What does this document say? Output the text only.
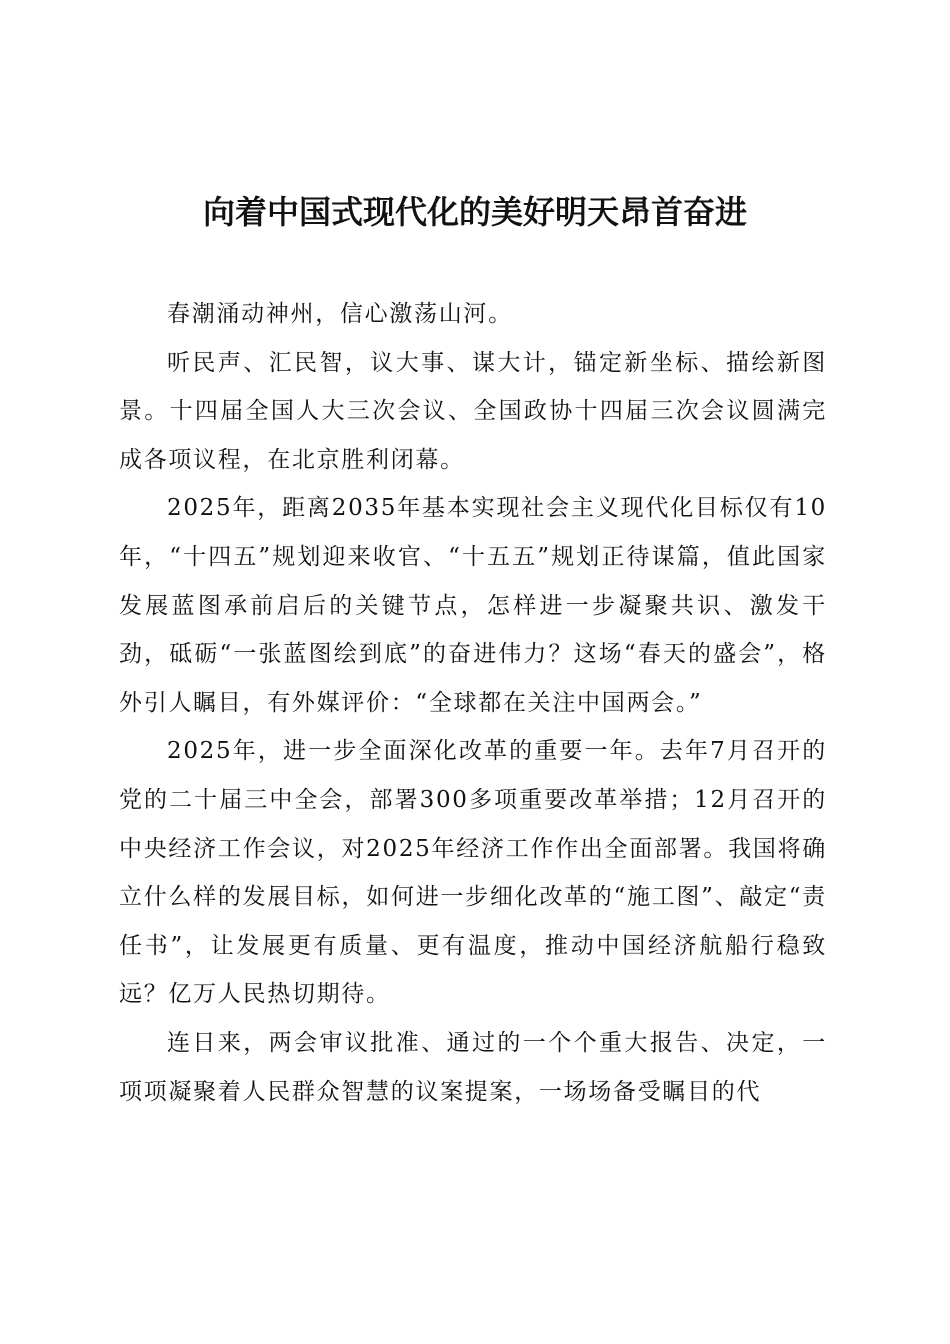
向着中国式现代化的美好明天昂首奋进

春潮涌动神州，信心激荡山河。

听民声、汇民智，议大事、谋大计，锚定新坐标、描绘新图景。十四届全国人大三次会议、全国政协十四届三次会议圆满完成各项议程，在北京胜利闭幕。

2025年，距离2035年基本实现社会主义现代化目标仅有10年，“十四五”规划迎来收官、“十五五”规划正待谋篇，值此国家发展蓝图承前启后的关键节点，怎样进一步凝聚共识、激发干劲，砥砺“一张蓝图绘到底”的奋进伟力？这场“春天的盛会”，格外引人瞩目，有外媒评价：“全球都在关注中国两会。”

2025年，进一步全面深化改革的重要一年。去年7月召开的党的二十届三中全会，部署300多项重要改革举措；12月召开的中央经济工作会议，对2025年经济工作作出全面部署。我国将确立什么样的发展目标，如何进一步细化改革的“施工图”、敲定“责任书”，让发展更有质量、更有温度，推动中国经济航船行稳致远？亿万人民热切期待。

连日来，两会审议批准、通过的一个个重大报告、决定，一项项凝聚着人民群众智慧的议案提案，一场场备受瞩目的代
